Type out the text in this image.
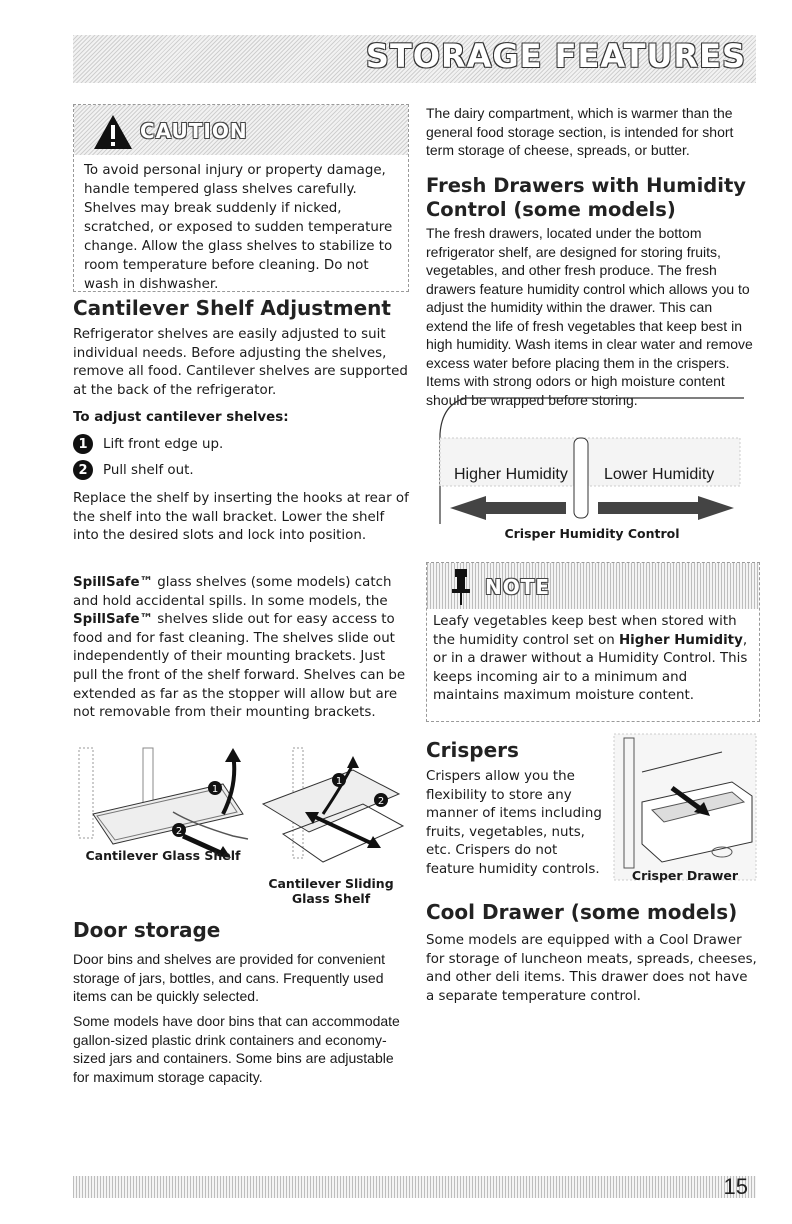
STORAGE FEATURES
CAUTION

To avoid personal injury or property damage, handle tempered glass shelves carefully. Shelves may break suddenly if nicked, scratched, or exposed to sudden temperature change. Allow the glass shelves to stabilize to room temperature before cleaning. Do not wash in dishwasher.

Cantilever Shelf Adjustment

Refrigerator shelves are easily adjusted to suit individual needs. Before adjusting the shelves, remove all food. Cantilever shelves are supported at the back of the refrigerator.

To adjust cantilever shelves:
1	Lift front edge up.
2	Pull shelf out.

Replace the shelf by inserting the hooks at rear of the shelf into the wall bracket. Lower the shelf into the desired slots and lock into position.

SpillSafe™ glass shelves (some models) catch and hold accidental spills. In some models, the SpillSafe™ shelves slide out for easy access to food and for fast cleaning. The shelves slide out independently of their mounting brackets. Just pull the front of the shelf forward. Shelves can be extended as far as the stopper will allow but are not removable from their mounting brackets.

1
2
Cantilever Glass Shelf
1
2
Cantilever Sliding Glass Shelf
Door storage

Door bins and shelves are provided for convenient storage of jars, bottles, and cans. Frequently used items can be quickly selected.

Some models have door bins that can accommodate gallon-sized plastic drink containers and economy-sized jars and containers. Some bins are adjustable for maximum storage capacity.

The dairy compartment, which is warmer than the general food storage section, is intended for short term storage of cheese, spreads, or butter.

Fresh Drawers with Humidity Control (some models)

The fresh drawers, located under the bottom refrigerator shelf, are designed for storing fruits, vegetables, and other fresh produce. The fresh drawers feature humidity control which allows you to adjust the humidity within the drawer. This can extend the life of fresh vegetables that keep best in high humidity. Wash items in clear water and remove excess water before placing them in the crispers. Items with strong odors or high moisture content should be wrapped before storing.

Higher Humidity Lower Humidity
Crisper Humidity Control
NOTE

Leafy vegetables keep best when stored with the humidity control set on Higher Humidity, or in a drawer without a Humidity Control. This keeps incoming air to a minimum and maintains maximum moisture content.

Crispers

Crispers allow you the flexibility to store any manner of items including fruits, vegetables, nuts, etc. Crispers do not feature humidity controls.	Crisper Drawer
Cool Drawer (some models)

Some models are equipped with a Cool Drawer for storage of luncheon meats, spreads, cheeses, and other deli items. This drawer does not have a separate temperature control.

15
